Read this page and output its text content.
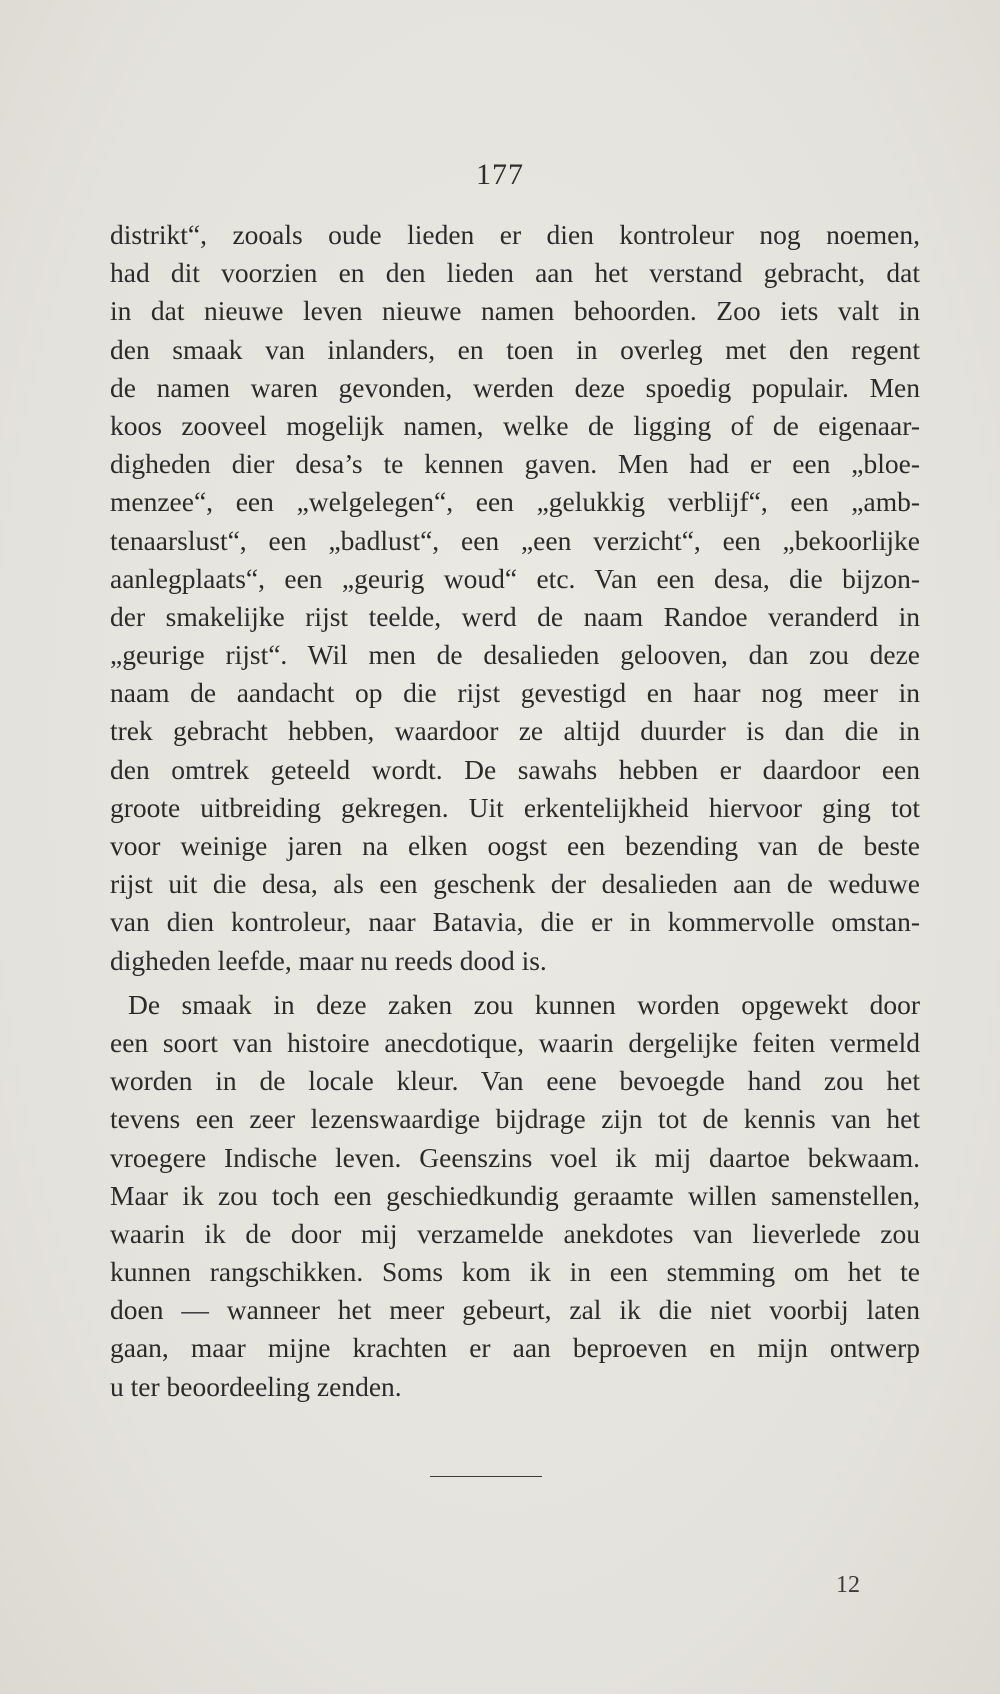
177
distrikt“, zooals oude lieden er dien kontroleur nog noemen,
had dit voorzien en den lieden aan het verstand gebracht, dat
in dat nieuwe leven nieuwe namen behoorden. Zoo iets valt in
den smaak van inlanders, en toen in overleg met den regent
de namen waren gevonden, werden deze spoedig populair. Men
koos zooveel mogelijk namen, welke de ligging of de eigenaar-
digheden dier desa’s te kennen gaven. Men had er een „bloe-
menzee“, een „welgelegen“, een „gelukkig verblijf“, een „amb-
tenaarslust“, een „badlust“, een „een verzicht“, een „bekoorlijke
aanlegplaats“, een „geurig woud“ etc. Van een desa, die bijzon-
der smakelijke rijst teelde, werd de naam Randoe veranderd in
„geurige rijst“. Wil men de desalieden gelooven, dan zou deze
naam de aandacht op die rijst gevestigd en haar nog meer in
trek gebracht hebben, waardoor ze altijd duurder is dan die in
den omtrek geteeld wordt. De sawahs hebben er daardoor een
groote uitbreiding gekregen. Uit erkentelijkheid hiervoor ging tot
voor weinige jaren na elken oogst een bezending van de beste
rijst uit die desa, als een geschenk der desalieden aan de weduwe
van dien kontroleur, naar Batavia, die er in kommervolle omstan-
digheden leefde, maar nu reeds dood is.
De smaak in deze zaken zou kunnen worden opgewekt door
een soort van histoire anecdotique, waarin dergelijke feiten vermeld
worden in de locale kleur. Van eene bevoegde hand zou het
tevens een zeer lezenswaardige bijdrage zijn tot de kennis van het
vroegere Indische leven. Geenszins voel ik mij daartoe bekwaam.
Maar ik zou toch een geschiedkundig geraamte willen samenstellen,
waarin ik de door mij verzamelde anekdotes van lieverlede zou
kunnen rangschikken. Soms kom ik in een stemming om het te
doen — wanneer het meer gebeurt, zal ik die niet voorbij laten
gaan, maar mijne krachten er aan beproeven en mijn ontwerp
u ter beoordeeling zenden.
12
